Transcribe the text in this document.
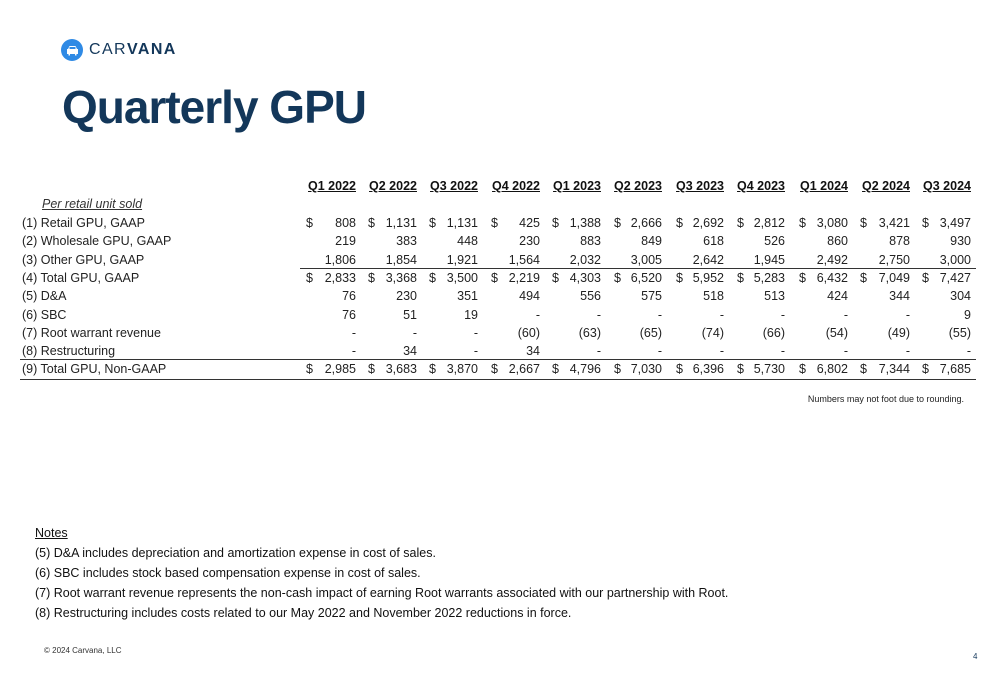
CARVANA
Quarterly GPU
Q1 2022	Q2 2022	Q3 2022	Q4 2022	Q1 2023	Q2 2023	Q3 2023	Q4 2023	Q1 2024	Q2 2024	Q3 2024
Per retail unit sold
(1) Retail GPU, GAAP	$	808 $ 1,131 $ 1,131 $	425 $ 1,388 $ 2,666 $ 2,692 $ 2,812 $ 3,080 $ 3,421 $ 3,497
(2) Wholesale GPU, GAAP	219	383	448	230	883	849	618	526	860	878	930
(3) Other GPU, GAAP	1,806	1,854	1,921	1,564	2,032	3,005	2,642	1,945	2,492	2,750	3,000
(4) Total GPU, GAAP	$ 2,833 $ 3,368 $ 3,500 $ 2,219 $ 4,303 $ 6,520 $ 5,952 $ 5,283 $ 6,432 $ 7,049 $ 7,427
(5) D&A	76	230	351	494	556	575	518	513	424	344	304
(6) SBC	76	51	19	-	-	-	-	-	-	-	9
(7) Root warrant revenue	-	-	-	(60)	(63)	(65)	(74)	(66)	(54)	(49)	(55)
(8) Restructuring	-	34	-	34	-	-	-	-	-	-	-
(9) Total GPU, Non-GAAP	$ 2,985 $ 3,683 $ 3,870 $ 2,667 $ 4,796 $ 7,030 $ 6,396 $ 5,730 $ 6,802 $ 7,344 $ 7,685
Numbers may not foot due to rounding.
Notes
(5) D&A includes depreciation and amortization expense in cost of sales.
(6) SBC includes stock based compensation expense in cost of sales.
(7) Root warrant revenue represents the non-cash impact of earning Root warrants associated with our partnership with Root.
(8) Restructuring includes costs related to our May 2022 and November 2022 reductions in force.
© 2024 Carvana, LLC
4
